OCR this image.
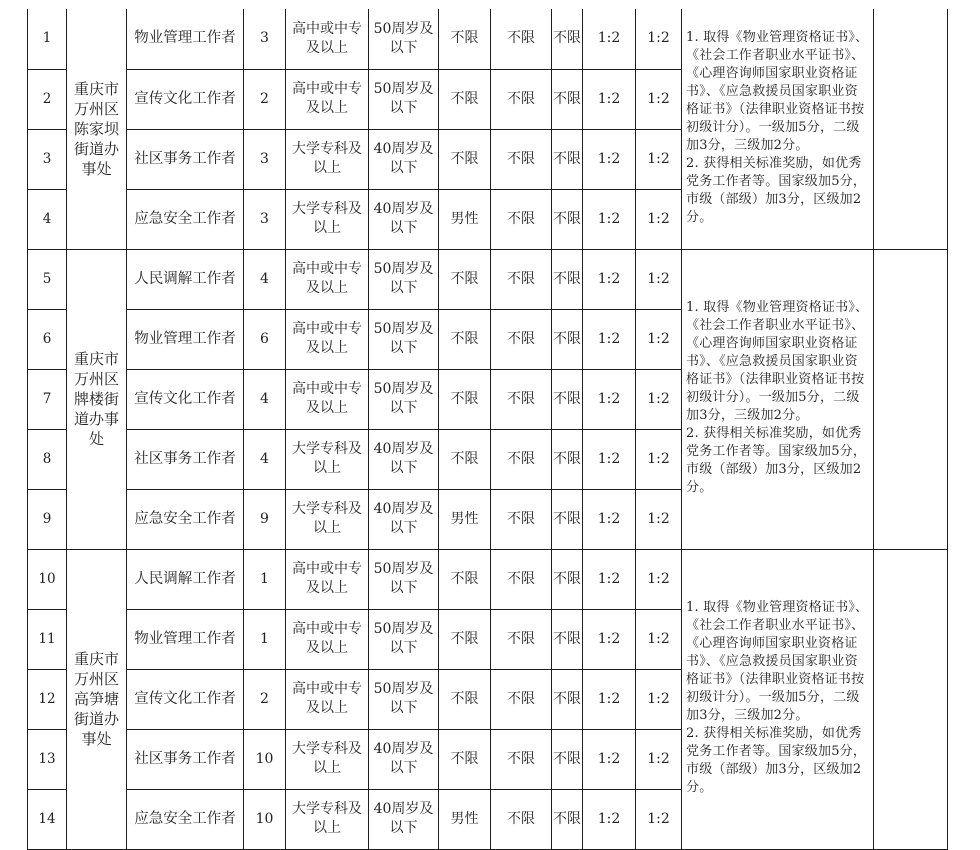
1	重庆市万州区陈家坝街道办事处	物业管理工作者	3	高中或中专及以上	50周岁及以下	不限	不限	不限	1:2	1:2	1. 取得《物业管理资格证书》、《社会工作者职业水平证书》、《心理咨询师国家职业资格证书》、《应急救援员国家职业资格证书》（法律职业资格证书按初级计分）。一级加5分，二级加3分，三级加2分。

2. 获得相关标准奖励，如优秀党务工作者等。国家级加5分，市级（部级）加3分，区级加2分。	

2		宣传文化工作者	2	高中或中专及以上	50周岁及以下	不限	不限	不限	1:2	1:2		
3		社区事务工作者	3	大学专科及以上	40周岁及以下	不限	不限	不限	1:2	1:2		
4		应急安全工作者	3	大学专科及以上	40周岁及以下	男性	不限	不限	1:2	1:2		
5	重庆市万州区牌楼街道办事处	人民调解工作者	4	高中或中专及以上	50周岁及以下	不限	不限	不限	1:2	1:2	1. 取得《物业管理资格证书》、《社会工作者职业水平证书》、《心理咨询师国家职业资格证书》、《应急救援员国家职业资格证书》（法律职业资格证书按初级计分）。一级加5分，二级加3分，三级加2分。

2. 获得相关标准奖励，如优秀党务工作者等。国家级加5分，市级（部级）加3分，区级加2分。	

6		物业管理工作者	6	高中或中专及以上	50周岁及以下	不限	不限	不限	1:2	1:2		
7		宣传文化工作者	4	高中或中专及以上	50周岁及以下	不限	不限	不限	1:2	1:2		
8		社区事务工作者	4	大学专科及以上	40周岁及以下	不限	不限	不限	1:2	1:2		
9		应急安全工作者	9	大学专科及以上	40周岁及以下	男性	不限	不限	1:2	1:2		
10	重庆市万州区高笋塘街道办事处	人民调解工作者	1	高中或中专及以上	50周岁及以下	不限	不限	不限	1:2	1:2	1. 取得《物业管理资格证书》、《社会工作者职业水平证书》、《心理咨询师国家职业资格证书》、《应急救援员国家职业资格证书》（法律职业资格证书按初级计分）。一级加5分，二级加3分，三级加2分。

2. 获得相关标准奖励，如优秀党务工作者等。国家级加5分，市级（部级）加3分，区级加2分。	

11		物业管理工作者	1	高中或中专及以上	50周岁及以下	不限	不限	不限	1:2	1:2		
12		宣传文化工作者	2	高中或中专及以上	50周岁及以下	不限	不限	不限	1:2	1:2		
13		社区事务工作者	10	大学专科及以上	40周岁及以下	不限	不限	不限	1:2	1:2		
14		应急安全工作者	10	大学专科及以上	40周岁及以下	男性	不限	不限	1:2	1:2		
